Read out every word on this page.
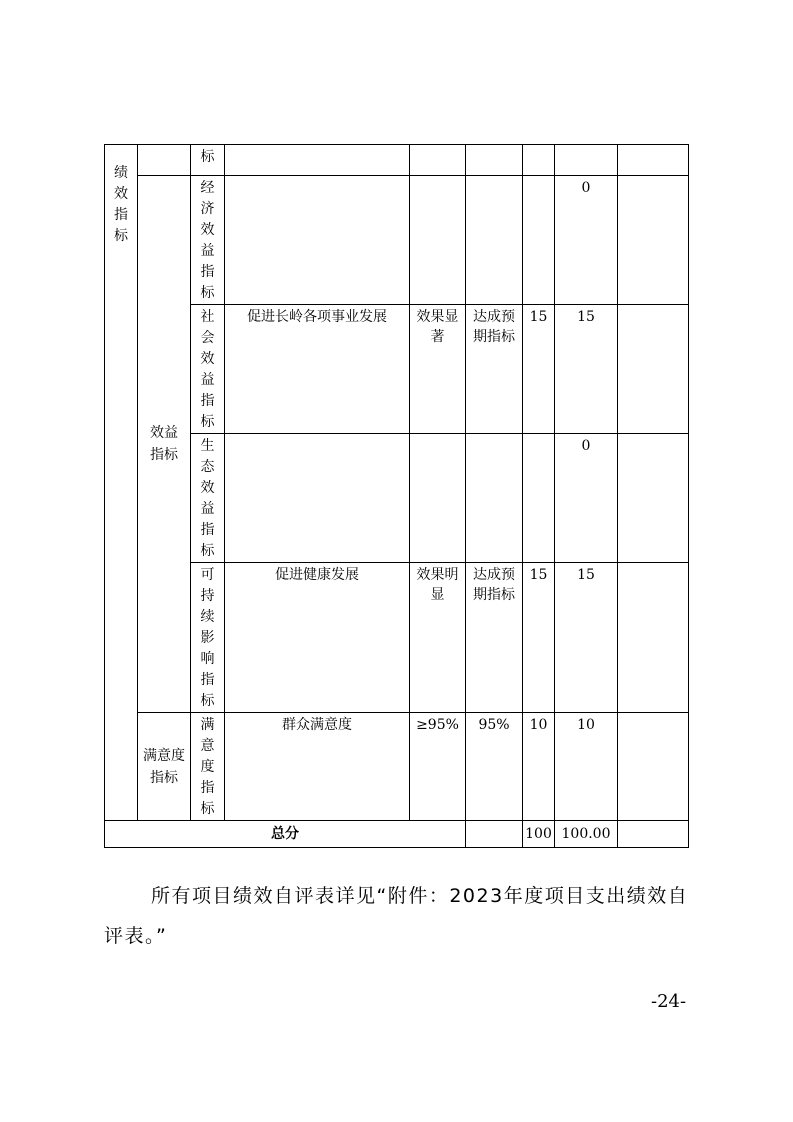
绩效指标		标						

	效益指标	经济效益指标					0	

		社会效益指标	促进长岭各项事业发展	效果显著	达成预期指标	15	15	

		生态效益指标					0	

		可持续影响指标	促进健康发展	效果明显	达成预期指标	15	15	

	满意度指标	满意度指标	群众满意度	≥95%	95%	10	10	

总分						100	100.00	

所有项目绩效自评表详见“附件：2023年度项目支出绩效自评表。”

-24-
